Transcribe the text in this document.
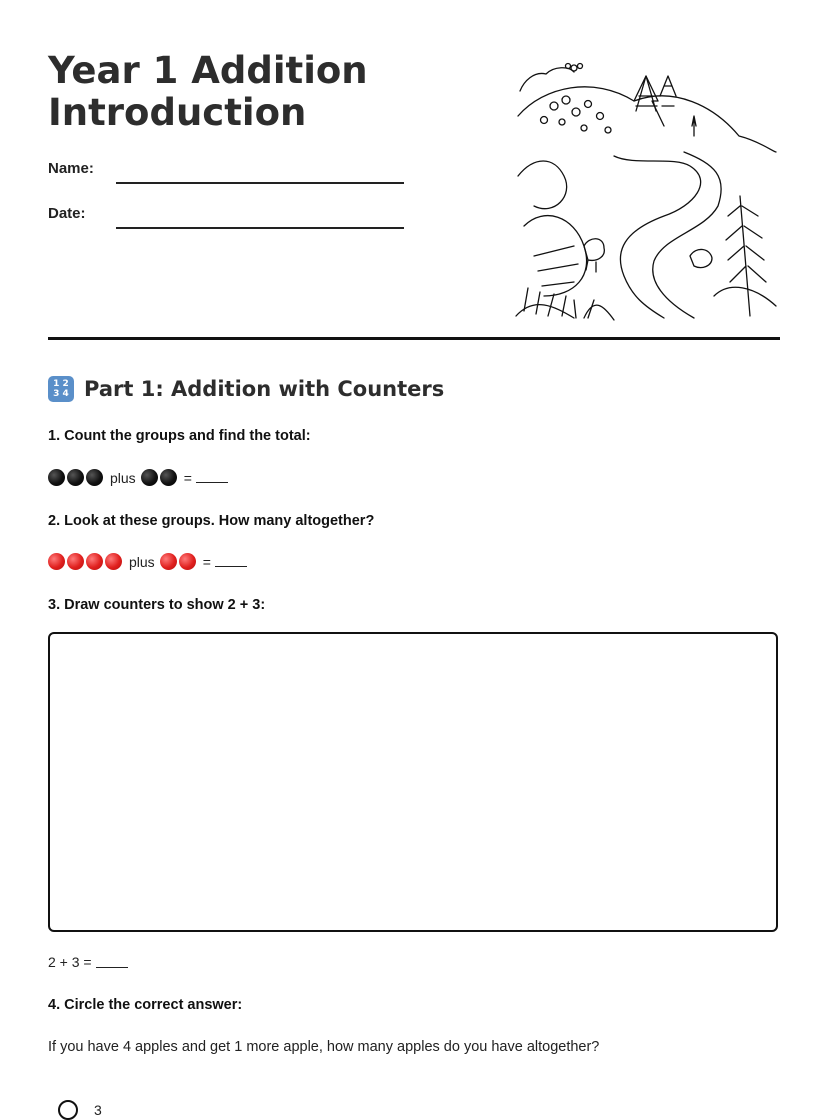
Year 1 Addition
Introduction
Name:
Date:
1 2
3 4 Part 1: Addition with Counters
1. Count the groups and find the total:
plus	=
2. Look at these groups. How many altogether?
plus	=
3. Draw counters to show 2 + 3:
2 + 3 =
4. Circle the correct answer:
If you have 4 apples and get 1 more apple, how many apples do you have altogether?
3
